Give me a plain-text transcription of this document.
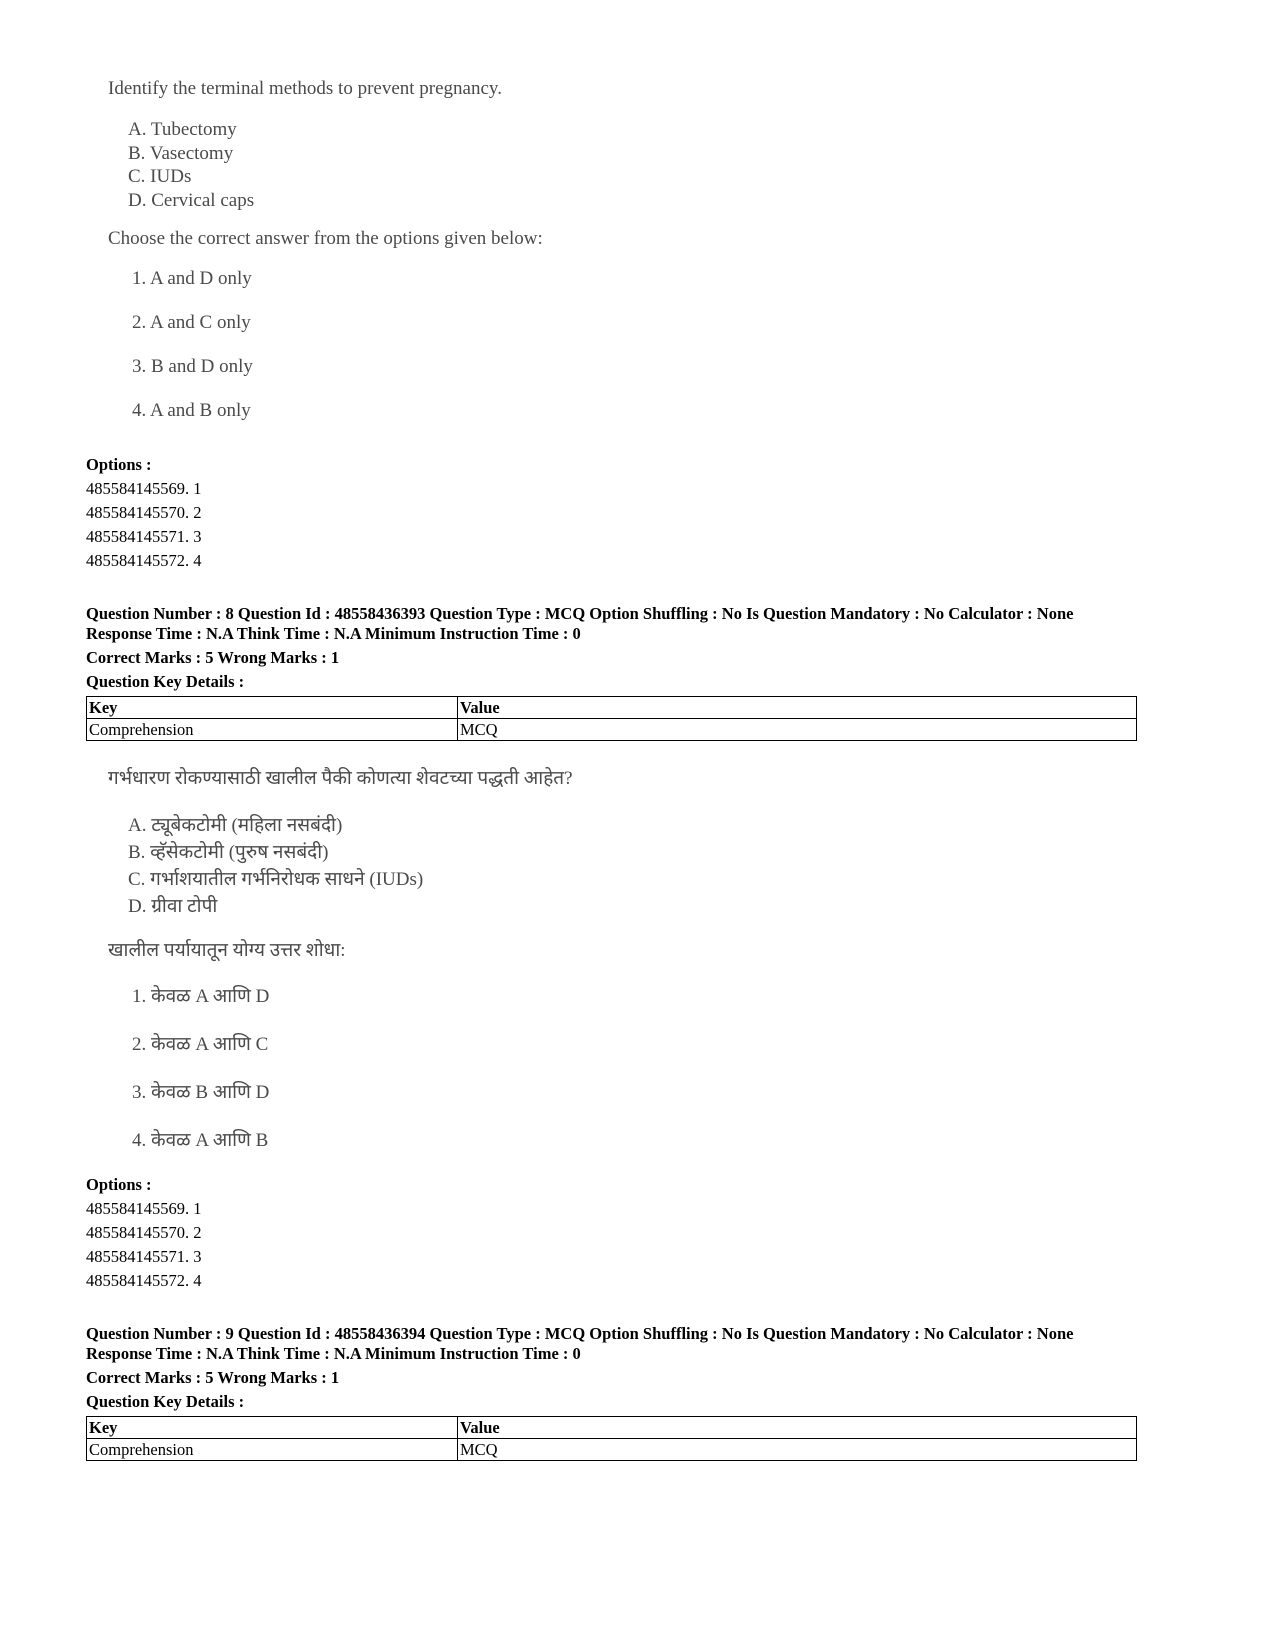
Identify the terminal methods to prevent pregnancy.

A. Tubectomy
B. Vasectomy
C. IUDs
D. Cervical caps

Choose the correct answer from the options given below:

1. A and D only
2. A and C only
3. B and D only
4. A and B only
Options :
485584145569. 1
485584145570. 2
485584145571. 3
485584145572. 4
Question Number : 8 Question Id : 48558436393 Question Type : MCQ Option Shuffling : No Is Question Mandatory : No Calculator : None
Response Time : N.A Think Time : N.A Minimum Instruction Time : 0
Correct Marks : 5 Wrong Marks : 1
Question Key Details :
Key	Value
Comprehension	MCQ

गर्भधारण रोकण्यासाठी खालील पैकी कोणत्या शेवटच्या पद्धती आहेत?

A. ट्यूबेकटोमी (महिला नसबंदी)
B. व्हॅसेकटोमी (पुरुष नसबंदी)
C. गर्भाशयातील गर्भनिरोधक साधने (IUDs)
D. ग्रीवा टोपी

खालील पर्यायातून योग्य उत्तर शोधा:

1. केवळ A आणि D
2. केवळ A आणि C
3. केवळ B आणि D
4. केवळ A आणि B
Options :
485584145569. 1
485584145570. 2
485584145571. 3
485584145572. 4
Question Number : 9 Question Id : 48558436394 Question Type : MCQ Option Shuffling : No Is Question Mandatory : No Calculator : None
Response Time : N.A Think Time : N.A Minimum Instruction Time : 0
Correct Marks : 5 Wrong Marks : 1
Question Key Details :
Key	Value
Comprehension	MCQ
